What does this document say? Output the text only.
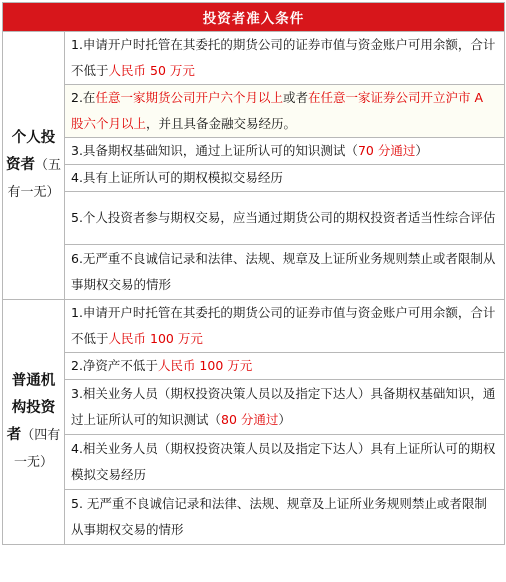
投资者准入条件	
个人投
资者（五
有一无）	1.申请开户时托管在其委托的期货公司的证券市值与资金账户可用余额，合计不低于人民币 50 万元
	2.在任意一家期货公司开户六个月以上或者在任意一家证券公司开立沪市 A 股六个月以上，并且具备金融交易经历。
	3.具备期权基础知识，通过上证所认可的知识测试（70 分通过）
	4.具有上证所认可的期权模拟交易经历
	5.个人投资者参与期权交易，应当通过期货公司的期权投资者适当性综合评估
	6.无严重不良诚信记录和法律、法规、规章及上证所业务规则禁止或者限制从事期权交易的情形
普通机
构投资
者（四有
一无）	1.申请开户时托管在其委托的期货公司的证券市值与资金账户可用余额，合计不低于人民币 100 万元
	2.净资产不低于人民币 100 万元
	3.相关业务人员（期权投资决策人员以及指定下达人）具备期权基础知识，通过上证所认可的知识测试（80 分通过）
	4.相关业务人员（期权投资决策人员以及指定下达人）具有上证所认可的期权模拟交易经历
	5. 无严重不良诚信记录和法律、法规、规章及上证所业务规则禁止或者限制从事期权交易的情形
